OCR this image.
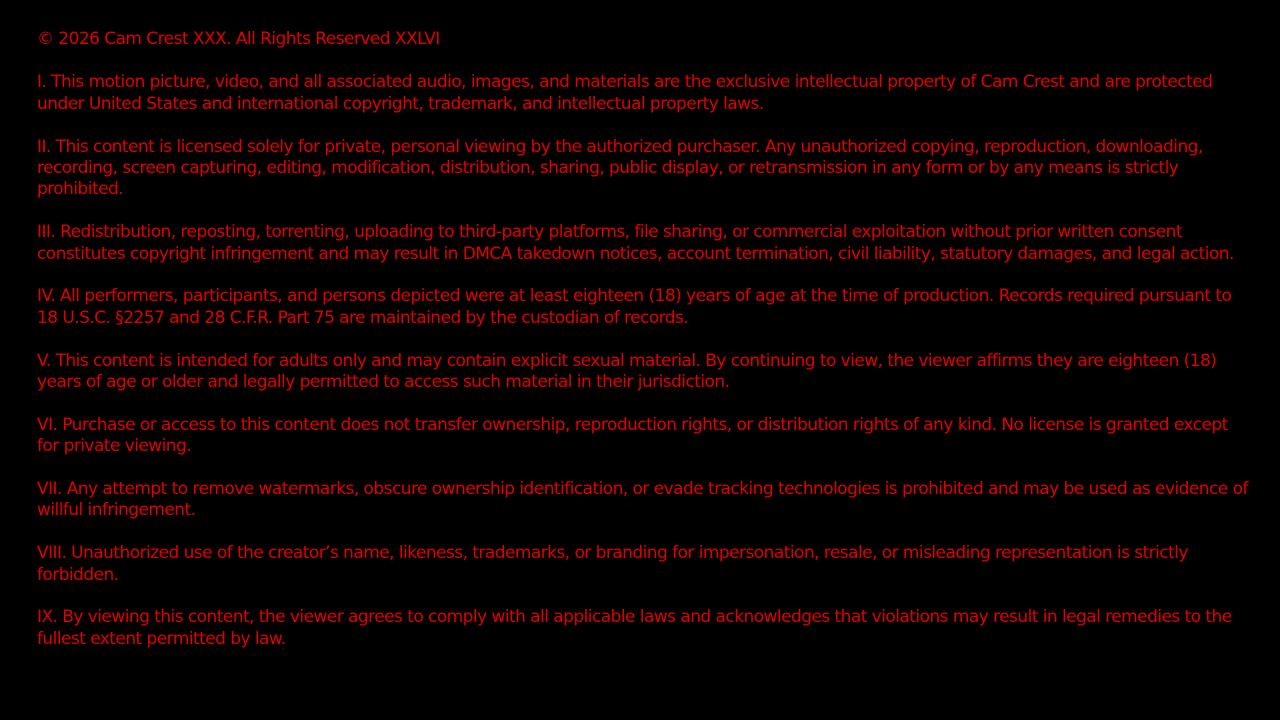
© 2026 Cam Crest XXX. All Rights Reserved XXLVI

I. This motion picture, video, and all associated audio, images, and materials are the exclusive intellectual property of Cam Crest and are protected under United States and international copyright, trademark, and intellectual property laws.

II. This content is licensed solely for private, personal viewing by the authorized purchaser. Any unauthorized copying, reproduction, downloading, recording, screen capturing, editing, modification, distribution, sharing, public display, or retransmission in any form or by any means is strictly prohibited.

III. Redistribution, reposting, torrenting, uploading to third-party platforms, file sharing, or commercial exploitation without prior written consent constitutes copyright infringement and may result in DMCA takedown notices, account termination, civil liability, statutory damages, and legal action.

IV. All performers, participants, and persons depicted were at least eighteen (18) years of age at the time of production. Records required pursuant to 18 U.S.C. §2257 and 28 C.F.R. Part 75 are maintained by the custodian of records.

V. This content is intended for adults only and may contain explicit sexual material. By continuing to view, the viewer affirms they are eighteen (18) years of age or older and legally permitted to access such material in their jurisdiction.

VI. Purchase or access to this content does not transfer ownership, reproduction rights, or distribution rights of any kind. No license is granted except for private viewing.

VII. Any attempt to remove watermarks, obscure ownership identification, or evade tracking technologies is prohibited and may be used as evidence of willful infringement.

VIII. Unauthorized use of the creator’s name, likeness, trademarks, or branding for impersonation, resale, or misleading representation is strictly forbidden.

IX. By viewing this content, the viewer agrees to comply with all applicable laws and acknowledges that violations may result in legal remedies to the fullest extent permitted by law.
